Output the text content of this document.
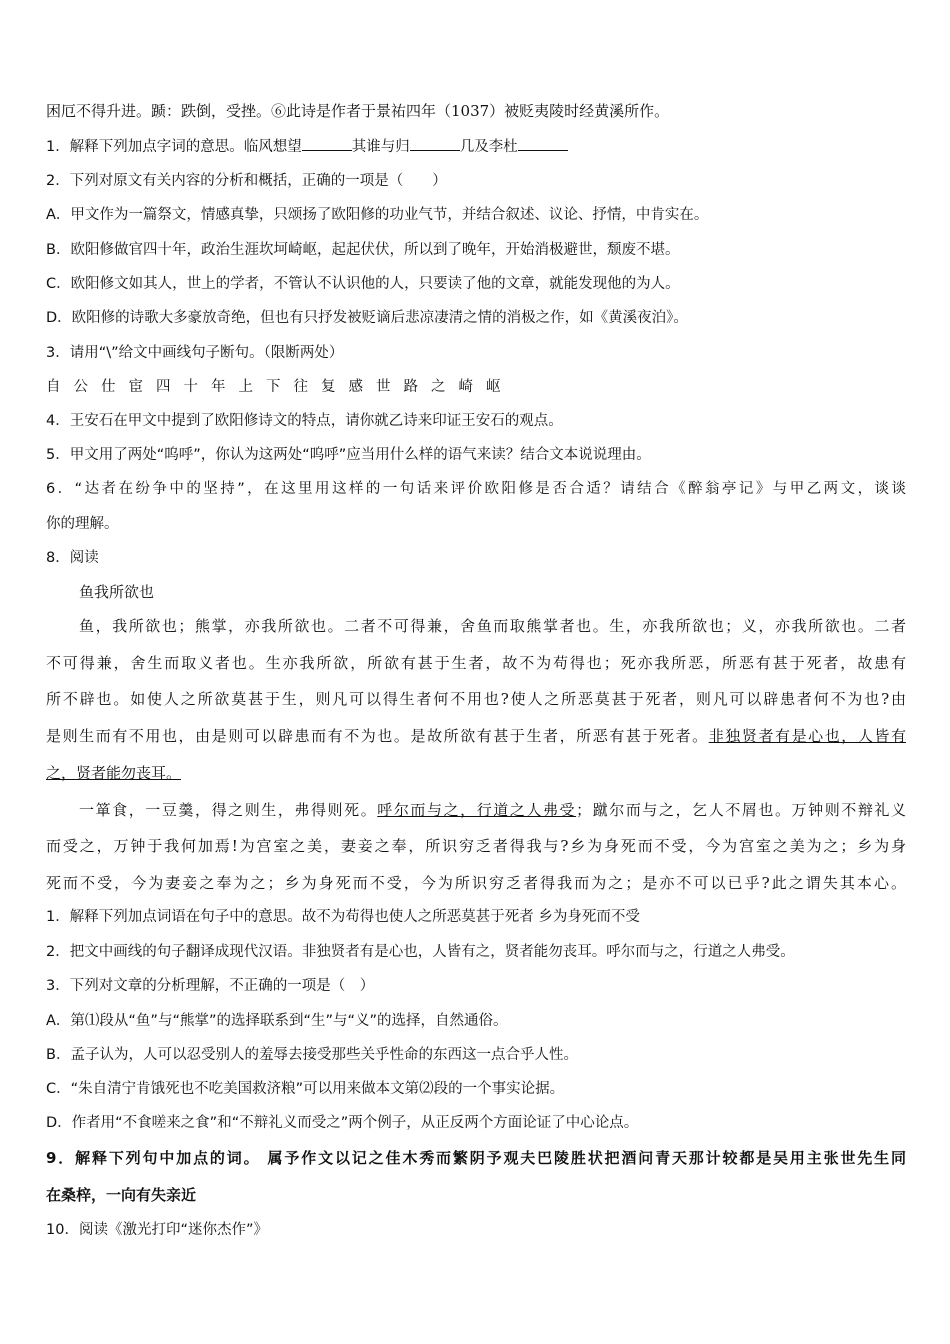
困厄不得升进。踬：跌倒，受挫。⑥此诗是作者于景祐四年（1037）被贬夷陵时经黄溪所作。
1．解释下列加点字词的意思。临风想望	其谁与归	几及李杜
2．下列对原文有关内容的分析和概括，正确的一项是（　　）
A．甲文作为一篇祭文，情感真挚，只颂扬了欧阳修的功业气节，并结合叙述、议论、抒情，中肯实在。
B．欧阳修做官四十年，政治生涯坎坷崎岖，起起伏伏，所以到了晚年，开始消极避世，颓废不堪。
C．欧阳修文如其人，世上的学者，不管认不认识他的人，只要读了他的文章，就能发现他的为人。
D．欧阳修的诗歌大多豪放奇绝，但也有只抒发被贬谪后悲凉凄清之情的消极之作，如《黄溪夜泊》。
3．请用“\”给文中画线句子断句。（限断两处）
自公仕宦四十年上下往复感世路之崎岖
4．王安石在甲文中提到了欧阳修诗文的特点，请你就乙诗来印证王安石的观点。
5．甲文用了两处“呜呼”，你认为这两处“呜呼”应当用什么样的语气来读？结合文本说说理由。
6．“达者在纷争中的坚持”，在这里用这样的一句话来评价欧阳修是否合适？请结合《醉翁亭记》与甲乙两文，谈谈
你的理解。
8．阅读
鱼我所欲也
鱼，我所欲也；熊掌，亦我所欲也。二者不可得兼，舍鱼而取熊掌者也。生，亦我所欲也；义，亦我所欲也。二者
不可得兼，舍生而取义者也。生亦我所欲，所欲有甚于生者，故不为苟得也；死亦我所恶，所恶有甚于死者，故患有
所不辟也。如使人之所欲莫甚于生，则凡可以得生者何不用也?使人之所恶莫甚于死者，则凡可以辟患者何不为也?由
是则生而有不用也，由是则可以辟患而有不为也。是故所欲有甚于生者，所恶有甚于死者。非独贤者有是心也，人皆有
之，贤者能勿丧耳。
一箪食，一豆羹，得之则生，弗得则死。呼尔而与之，行道之人弗受；蹴尔而与之，乞人不屑也。万钟则不辩礼义
而受之，万钟于我何加焉!为宫室之美，妻妾之奉，所识穷乏者得我与?乡为身死而不受，今为宫室之美为之；乡为身
死而不受，今为妻妾之奉为之；乡为身死而不受，今为所识穷乏者得我而为之；是亦不可以已乎?此之谓失其本心。
1．解释下列加点词语在句子中的意思。故不为苟得也使人之所恶莫甚于死者 乡为身死而不受
2．把文中画线的句子翻译成现代汉语。非独贤者有是心也，人皆有之，贤者能勿丧耳。呼尔而与之，行道之人弗受。
3．下列对文章的分析理解，不正确的一项是（　）
A．第⑴段从“鱼”与“熊掌”的选择联系到“生”与“义”的选择，自然通俗。
B．孟子认为，人可以忍受别人的羞辱去接受那些关乎性命的东西这一点合乎人性。
C．“朱自清宁肯饿死也不吃美国救济粮”可以用来做本文第⑵段的一个事实论据。
D．作者用“不食嗟来之食”和“不辩礼义而受之”两个例子，从正反两个方面论证了中心论点。
9．解释下列句中加点的词。 属予作文以记之佳木秀而繁阴予观夫巴陵胜状把酒问青天那计较都是吴用主张世先生同
在桑梓，一向有失亲近
10．阅读《激光打印“迷你杰作”》
